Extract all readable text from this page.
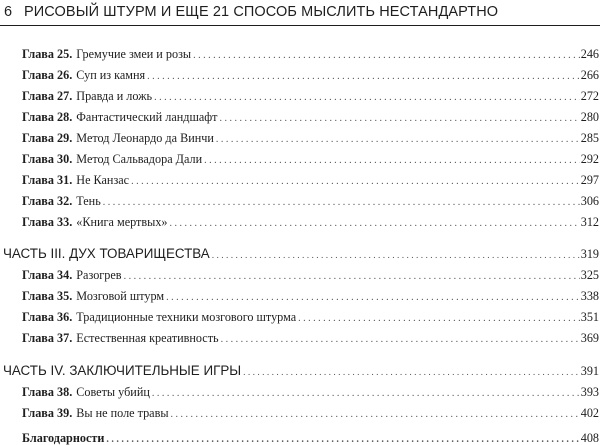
6 РИСОВЫЙ ШТУРМ И ЕЩЕ 21 СПОСОБ МЫСЛИТЬ НЕСТАНДАРТНО
Глава 25. Гремучие змеи и розы . . .	246
Глава 26. Суп из камня . . .	266
Глава 27. Правда и ложь . . .	272
Глава 28. Фантастический ландшафт . . .	280
Глава 29. Метод Леонардо да Винчи . . .	285
Глава 30. Метод Сальвадора Дали . . .	292
Глава 31. Не Канзас . . .	297
Глава 32. Тень . . .	306
Глава 33. «Книга мертвых» . . .	312
ЧАСТЬ III. ДУХ ТОВАРИЩЕСТВА . . .	319
Глава 34. Разогрев . . .	325
Глава 35. Мозговой штурм . . .	338
Глава 36. Традиционные техники мозгового штурма . . .	351
Глава 37. Естественная креативность . . .	369
ЧАСТЬ IV. ЗАКЛЮЧИТЕЛЬНЫЕ ИГРЫ . . .	391
Глава 38. Советы убийц . . .	393
Глава 39. Вы не поле травы . . .	402
Благодарности . . .	408
